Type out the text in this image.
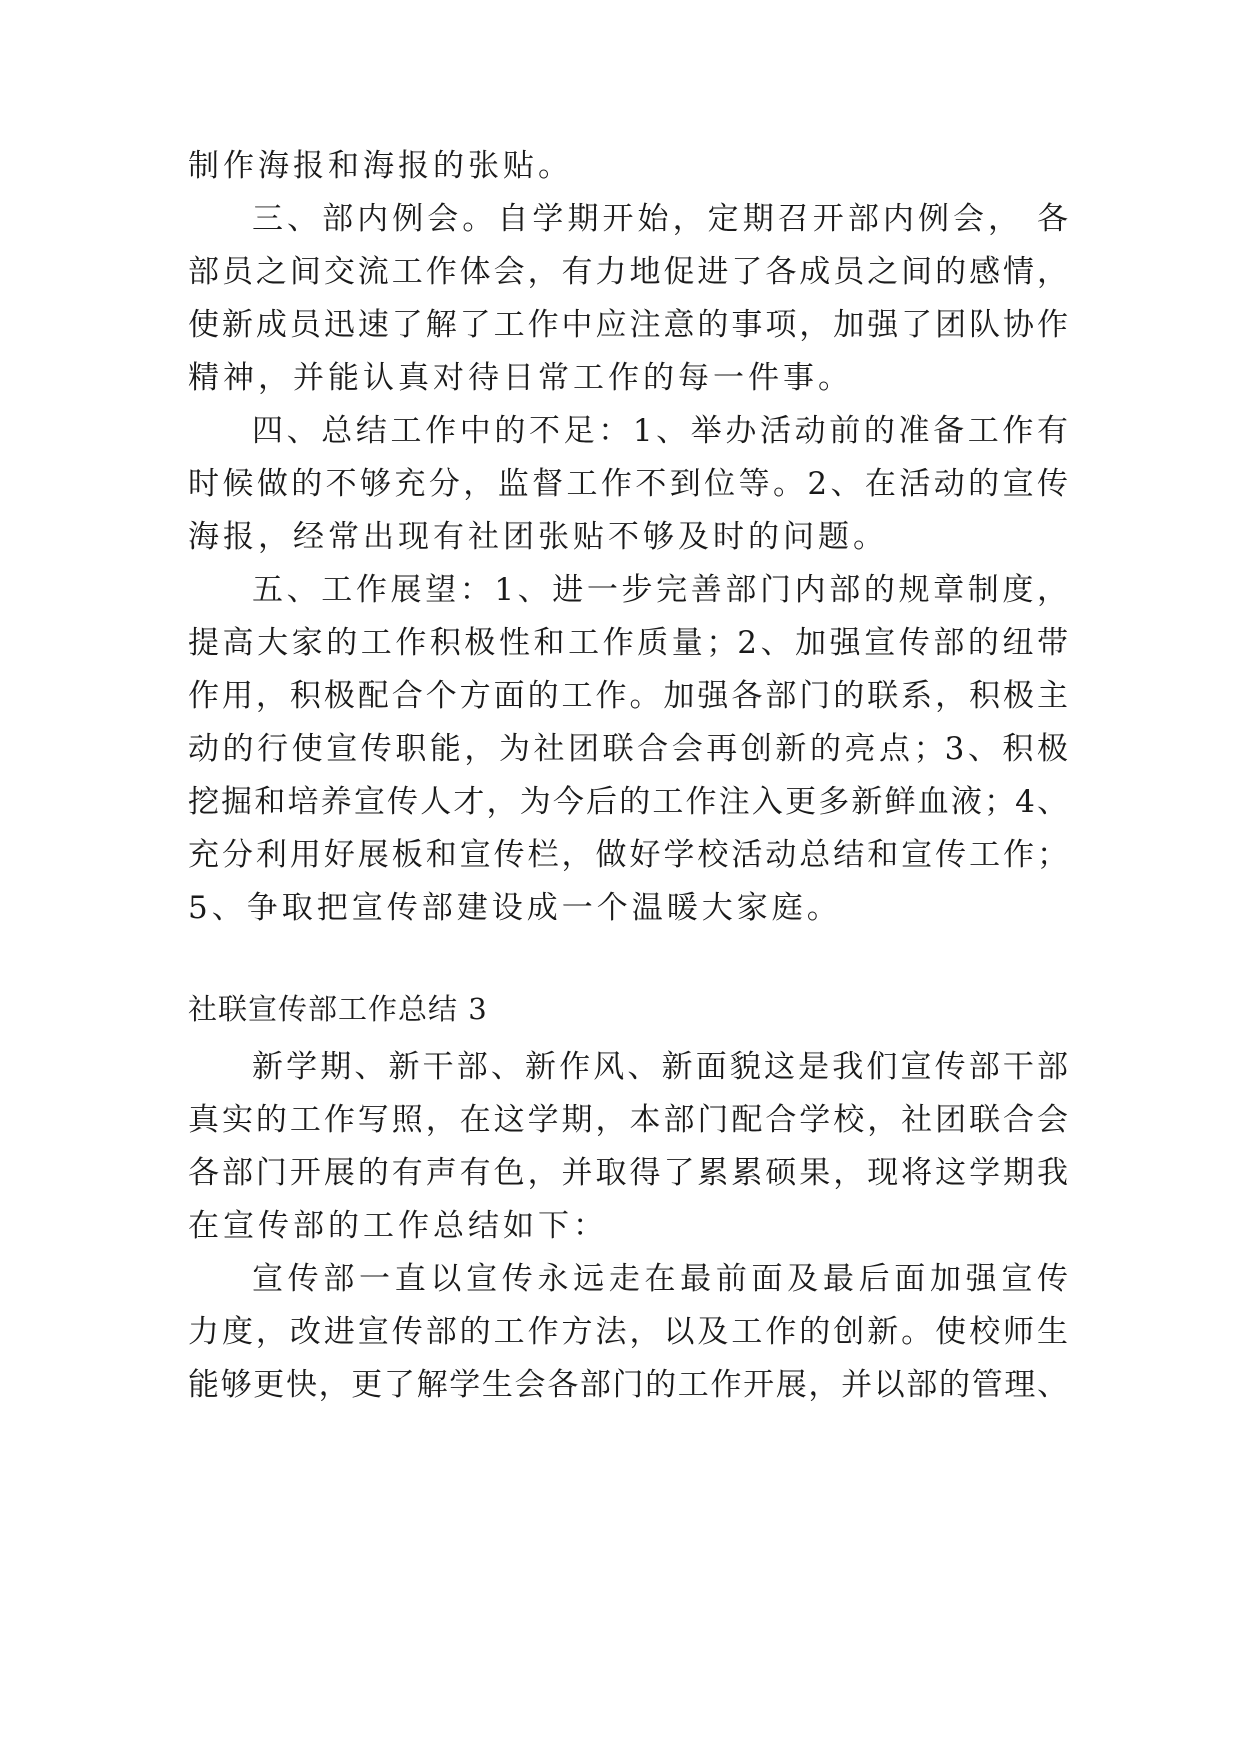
制作海报和海报的张贴。
三、部内例会。自学期开始，定期召开部内例会， 各
部员之间交流工作体会，有力地促进了各成员之间的感情，
使新成员迅速了解了工作中应注意的事项，加强了团队协作
精神，并能认真对待日常工作的每一件事。
四、总结工作中的不足：1、举办活动前的准备工作有
时候做的不够充分，监督工作不到位等。2、在活动的宣传
海报，经常出现有社团张贴不够及时的问题。
五、工作展望：1、进一步完善部门内部的规章制度，
提高大家的工作积极性和工作质量；2、加强宣传部的纽带
作用，积极配合个方面的工作。加强各部门的联系，积极主
动的行使宣传职能，为社团联合会再创新的亮点；3、积极
挖掘和培养宣传人才，为今后的工作注入更多新鲜血液；4、
充分利用好展板和宣传栏，做好学校活动总结和宣传工作；
5、争取把宣传部建设成一个温暖大家庭。
社联宣传部工作总结 3
新学期、新干部、新作风、新面貌这是我们宣传部干部
真实的工作写照，在这学期，本部门配合学校，社团联合会
各部门开展的有声有色，并取得了累累硕果，现将这学期我
在宣传部的工作总结如下：
宣传部一直以宣传永远走在最前面及最后面加强宣传
力度，改进宣传部的工作方法，以及工作的创新。使校师生
能够更快，更了解学生会各部门的工作开展，并以部的管理、
